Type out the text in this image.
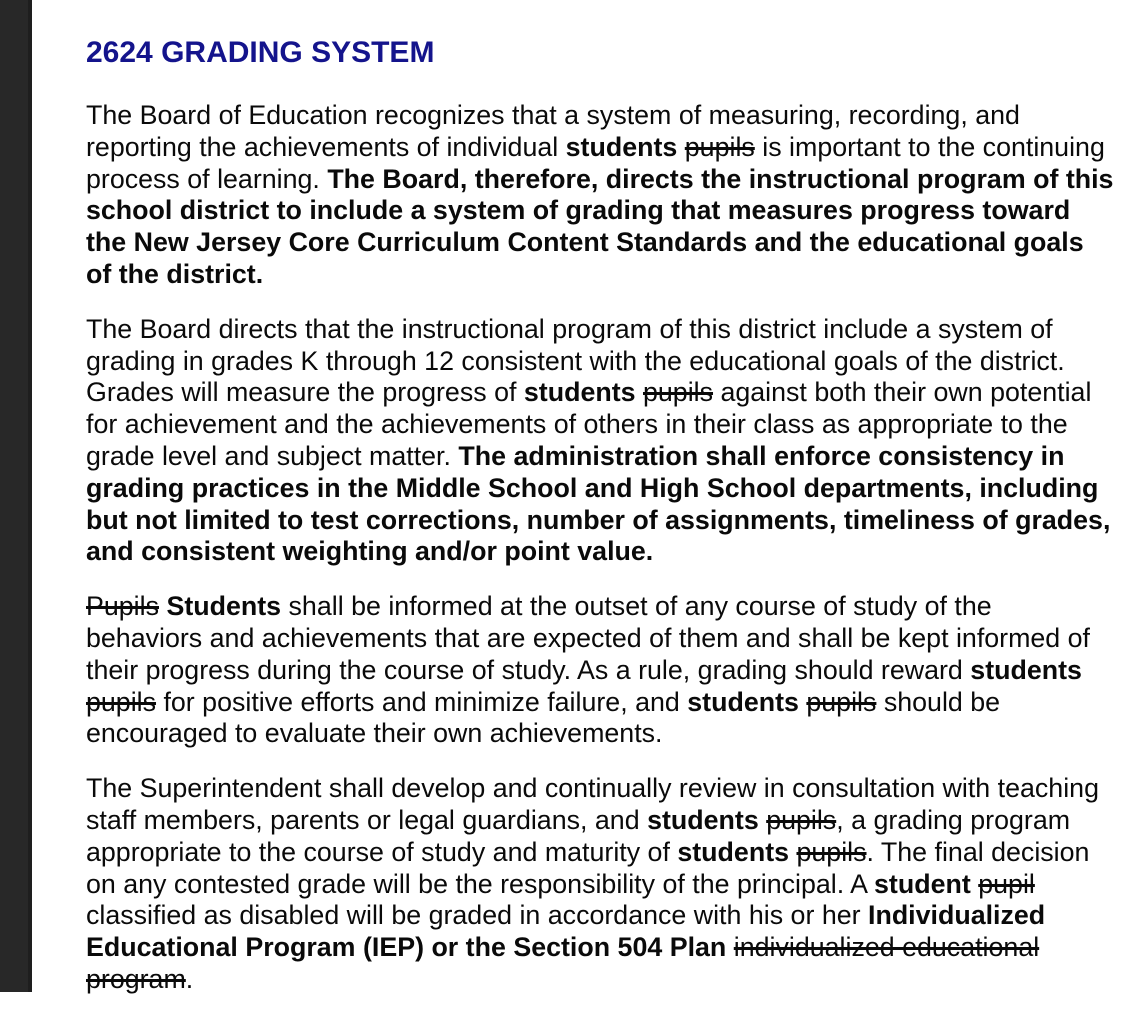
2624 GRADING SYSTEM

The Board of Education recognizes that a system of measuring, recording, and
reporting the achievements of individual students pupils is important to the continuing
process of learning. The Board, therefore, directs the instructional program of this
school district to include a system of grading that measures progress toward
the New Jersey Core Curriculum Content Standards and the educational goals
of the district.

The Board directs that the instructional program of this district include a system of
grading in grades K through 12 consistent with the educational goals of the district.
Grades will measure the progress of students pupils against both their own potential
for achievement and the achievements of others in their class as appropriate to the
grade level and subject matter. The administration shall enforce consistency in
grading practices in the Middle School and High School departments, including
but not limited to test corrections, number of assignments, timeliness of grades,
and consistent weighting and/or point value.

Pupils Students shall be informed at the outset of any course of study of the
behaviors and achievements that are expected of them and shall be kept informed of
their progress during the course of study. As a rule, grading should reward students
pupils for positive efforts and minimize failure, and students pupils should be
encouraged to evaluate their own achievements.

The Superintendent shall develop and continually review in consultation with teaching
staff members, parents or legal guardians, and students pupils, a grading program
appropriate to the course of study and maturity of students pupils. The final decision
on any contested grade will be the responsibility of the principal. A student pupil
classified as disabled will be graded in accordance with his or her Individualized
Educational Program (IEP) or the Section 504 Plan individualized educational
program.
